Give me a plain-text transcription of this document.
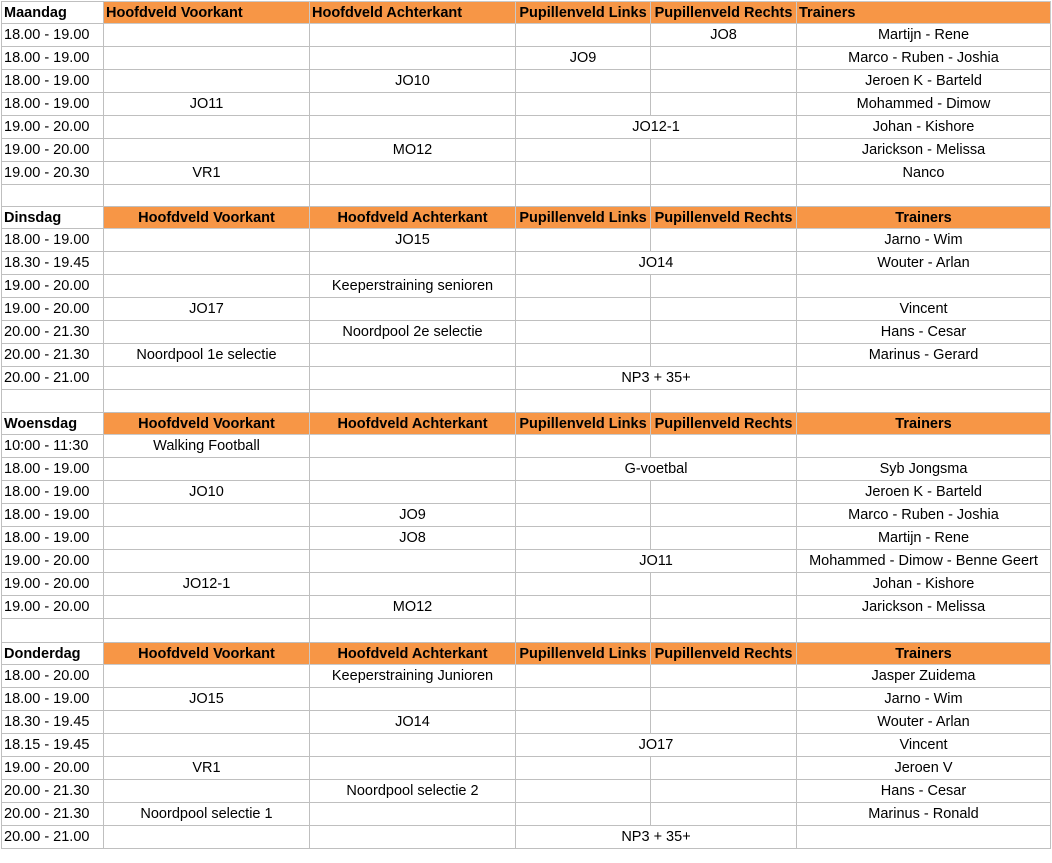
Maandag	Hoofdveld Voorkant	Hoofdveld Achterkant	Pupillenveld Links	Pupillenveld Rechts	Trainers
18.00 - 19.00				JO8	Martijn - Rene
18.00 - 19.00			JO9		Marco - Ruben - Joshia
18.00 - 19.00		JO10			Jeroen K - Barteld
18.00 - 19.00	JO11				Mohammed - Dimow
19.00 - 20.00			JO12-1		Johan - Kishore
19.00 - 20.00		MO12			Jarickson - Melissa
19.00 - 20.30	VR1				Nanco

Dinsdag	Hoofdveld Voorkant	Hoofdveld Achterkant	Pupillenveld Links	Pupillenveld Rechts	Trainers
18.00 - 19.00		JO15			Jarno - Wim
18.30 - 19.45			JO14		Wouter - Arlan
19.00 - 20.00		Keeperstraining senioren			
19.00 - 20.00	JO17				Vincent
20.00 - 21.30		Noordpool 2e selectie			Hans - Cesar
20.00 - 21.30	Noordpool 1e selectie				Marinus - Gerard
20.00 - 21.00			NP3 + 35+		

Woensdag	Hoofdveld Voorkant	Hoofdveld Achterkant	Pupillenveld Links	Pupillenveld Rechts	Trainers
10:00 - 11:30	Walking Football				
18.00 - 19.00			G-voetbal		Syb Jongsma
18.00 - 19.00	JO10				Jeroen K - Barteld
18.00 - 19.00		JO9			Marco - Ruben - Joshia
18.00 - 19.00		JO8			Martijn - Rene
19.00 - 20.00			JO11		Mohammed - Dimow - Benne Geert
19.00 - 20.00	JO12-1				Johan - Kishore
19.00 - 20.00		MO12			Jarickson - Melissa

Donderdag	Hoofdveld Voorkant	Hoofdveld Achterkant	Pupillenveld Links	Pupillenveld Rechts	Trainers
18.00 - 20.00		Keeperstraining Junioren			Jasper Zuidema
18.00 - 19.00	JO15				Jarno - Wim
18.30 - 19.45		JO14			Wouter - Arlan
18.15 - 19.45			JO17		Vincent
19.00 - 20.00	VR1				Jeroen V
20.00 - 21.30		Noordpool selectie 2			Hans - Cesar
20.00 - 21.30	Noordpool selectie 1				Marinus - Ronald
20.00 - 21.00			NP3 + 35+		
